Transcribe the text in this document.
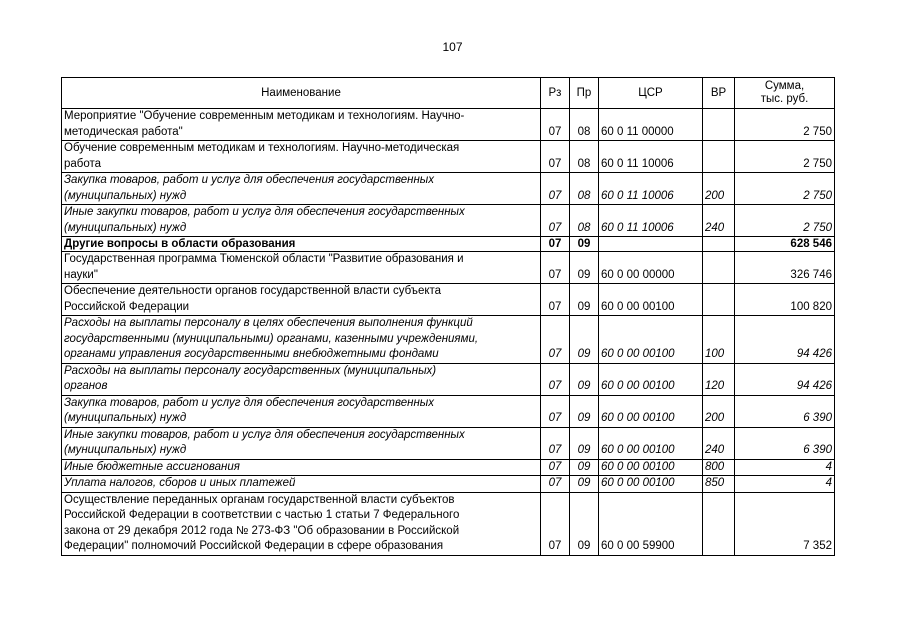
107
Наименование	Рз	Пр	ЦСР	ВР	Сумма,
тыс. руб.
Мероприятие "Обучение современным методикам и технологиям. Научно-
методическая работа"	07	08	60 0 11 00000		2 750
Обучение современным методикам и технологиям. Научно-методическая
работа	07	08	60 0 11 10006		2 750
Закупка товаров, работ и услуг для обеспечения государственных
(муниципальных) нужд	07	08	60 0 11 10006	200	2 750
Иные закупки товаров, работ и услуг для обеспечения государственных
(муниципальных) нужд	07	08	60 0 11 10006	240	2 750
Другие вопросы в области образования	07	09			628 546
Государственная программа Тюменской области "Развитие образования и
науки"	07	09	60 0 00 00000		326 746
Обеспечение деятельности органов государственной власти субъекта
Российской Федерации	07	09	60 0 00 00100		100 820
Расходы на выплаты персоналу в целях обеспечения выполнения функций
государственными (муниципальными) органами, казенными учреждениями,
органами управления государственными внебюджетными фондами	07	09	60 0 00 00100	100	94 426
Расходы на выплаты персоналу государственных (муниципальных)
органов	07	09	60 0 00 00100	120	94 426
Закупка товаров, работ и услуг для обеспечения государственных
(муниципальных) нужд	07	09	60 0 00 00100	200	6 390
Иные закупки товаров, работ и услуг для обеспечения государственных
(муниципальных) нужд	07	09	60 0 00 00100	240	6 390
Иные бюджетные ассигнования	07	09	60 0 00 00100	800	4
Уплата налогов, сборов и иных платежей	07	09	60 0 00 00100	850	4
Осуществление переданных органам государственной власти субъектов
Российской Федерации в соответствии с частью 1 статьи 7 Федерального
закона от 29 декабря 2012 года № 273-ФЗ "Об образовании в Российской
Федерации" полномочий Российской Федерации в сфере образования	07	09	60 0 00 59900		7 352
